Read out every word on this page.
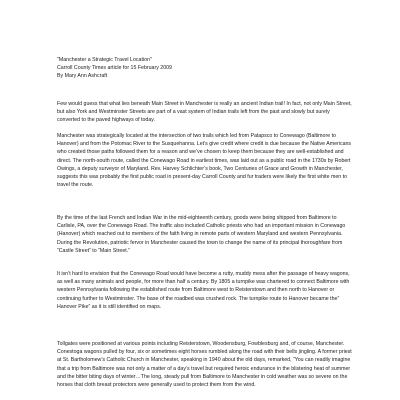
"Manchester a Strategic Travel Location"

Carroll County Times article for 15 February 2009

By Mary Ann Ashcraft

Few would guess that what lies beneath Main Street in Manchester is really an ancient Indian trail! In fact, not only Main Street, but also York and Westminster Streets are part of a vast system of Indian trails left from the past and slowly but surely converted to the paved highways of today.

Manchester was strategically located at the intersection of two trails which led from Patapsco to Conewago (Baltimore to Hanover) and from the Potomac River to the Susquehanna. Let’s give credit where credit is due because the Native Americans who created those paths followed them for a reason and we’ve chosen to keep them because they are well-established and direct. The north-south route, called the Conewago Road in earliest times, was laid out as a public road in the 1730s by Robert Owings, a deputy surveyor of Maryland. Rev. Harvey Schlichter’s book, Two Centuries of Grace and Growth in Manchester, suggests this was probably the first public road in present-day Carroll County and fur traders were likely the first white men to travel the route.

By the time of the last French and Indian War in the mid-eighteenth century, goods were being shipped from Baltimore to Carlisle, PA, over the Conewago Road. The traffic also included Catholic priests who had an important mission in Conewago (Hanover) which reached out to members of the faith living in remote parts of western Maryland and western Pennsylvania. During the Revolution, patriotic fervor in Manchester caused the town to change the name of its principal thoroughfare from “Castle Street” to “Main Street.”

It isn’t hard to envision that the Conewago Road would have become a rutty, muddy mess after the passage of heavy wagons, as well as many animals and people, for more than half a century. By 1805 a turnpike was chartered to connect Baltimore with western Pennsylvania following the established route from Baltimore west to Reisterstown and then north to Hanover or continuing further to Westminster. The base of the roadbed was crushed rock. The turnpike route to Hanover became the” Hanover Pike” as it is still identified on maps.

Tollgates were positioned at various points including Reisterstown, Woodensburg, Fowblesburg and, of course, Manchester. Conestoga wagons pulled by four, six or sometimes eight horses rumbled along the road with their bells jingling. A former priest at St. Bartholomew’s Catholic Church in Manchester, speaking in 1940 about the old days, remarked, “You can readily imagine that a trip from Baltimore was not only a matter of a day’s travel but required heroic endurance in the blistering heat of summer and the bitter biting days of winter…The long, steady pull from Baltimore to Manchester in cold weather was so severe on the horses that cloth breast protectors were generally used to protect them from the wind.
